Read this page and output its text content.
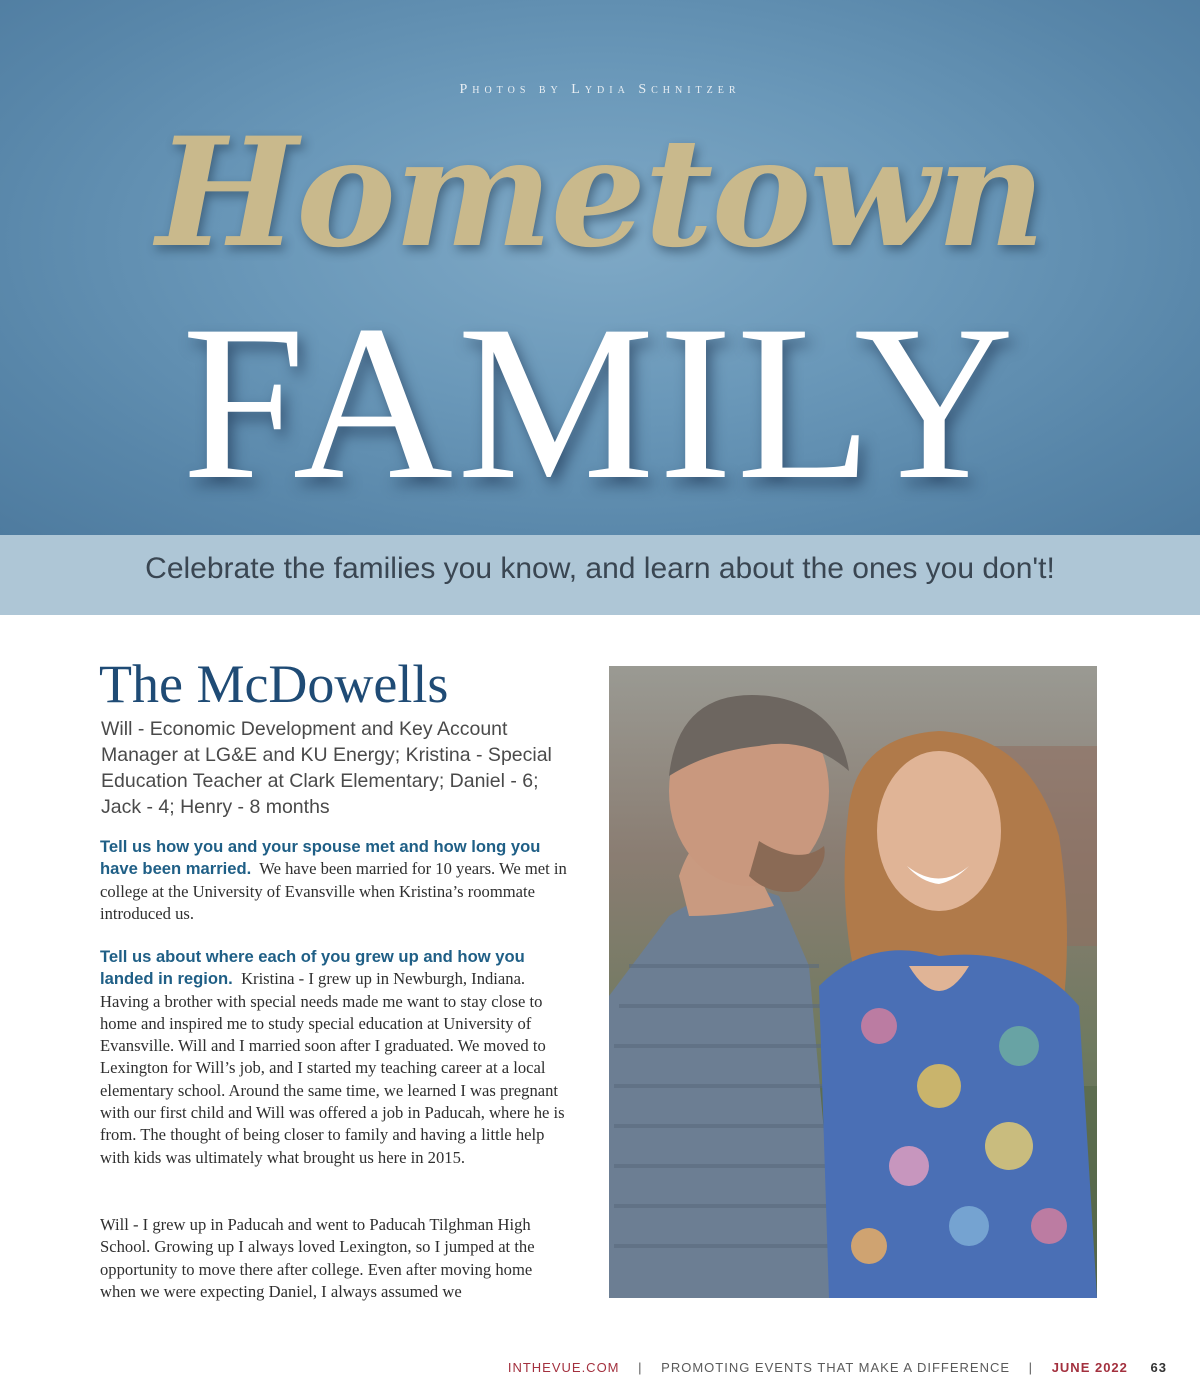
Photos by Lydia Schnitzer
Hometown
FAMILY
Celebrate the families you know, and learn about the ones you don't!
The McDowells
Will - Economic Development and Key Account Manager at LG&E and KU Energy; Kristina - Special Education Teacher at Clark Elementary; Daniel - 6; Jack - 4; Henry - 8 months

Tell us how you and your spouse met and how long you have been married. We have been married for 10 years. We met in college at the University of Evansville when Kristina’s roommate introduced us.

Tell us about where each of you grew up and how you landed in region. Kristina - I grew up in Newburgh, Indiana. Having a brother with special needs made me want to stay close to home and inspired me to study special education at University of Evansville. Will and I married soon after I graduated. We moved to Lexington for Will’s job, and I started my teaching career at a local elementary school. Around the same time, we learned I was pregnant with our first child and Will was offered a job in Paducah, where he is from. The thought of being closer to family and having a little help with kids was ultimately what brought us here in 2015.

Will - I grew up in Paducah and went to Paducah Tilghman High School. Growing up I always loved Lexington, so I jumped at the opportunity to move there after college. Even after moving home when we were expecting Daniel, I always assumed we

INTHEVUE.COM | PROMOTING EVENTS THAT MAKE A DIFFERENCE | JUNE 2022 63
